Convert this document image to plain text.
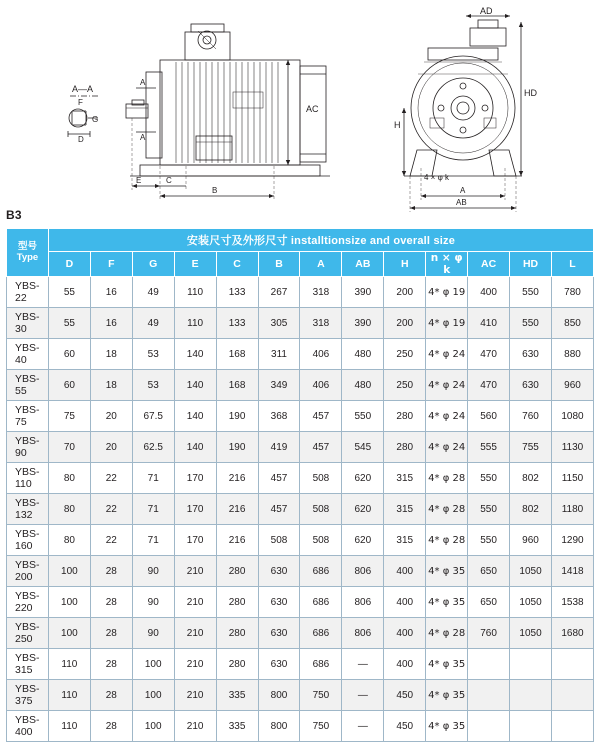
A—A
F
G
D
A
A
AC
E	C
B
AD
H
HD
4 × φ k
A
AB
B3
型号
Type	安装尺寸及外形尺寸 installtionsize and overall size												
	D	F	G	E	C	B	A	AB	H	n × φ k	AC	HD	L
YBS-22	55	16	49	110	133	267	318	390	200	4* φ 19	400	550	780
YBS-30	55	16	49	110	133	305	318	390	200	4* φ 19	410	550	850
YBS-40	60	18	53	140	168	311	406	480	250	4* φ 24	470	630	880
YBS-55	60	18	53	140	168	349	406	480	250	4* φ 24	470	630	960
YBS-75	75	20	67.5	140	190	368	457	550	280	4* φ 24	560	760	1080
YBS-90	70	20	62.5	140	190	419	457	545	280	4* φ 24	555	755	1130
YBS-110	80	22	71	170	216	457	508	620	315	4* φ 28	550	802	1150
YBS-132	80	22	71	170	216	457	508	620	315	4* φ 28	550	802	1180
YBS-160	80	22	71	170	216	508	508	620	315	4* φ 28	550	960	1290
YBS-200	100	28	90	210	280	630	686	806	400	4* φ 35	650	1050	1418
YBS-220	100	28	90	210	280	630	686	806	400	4* φ 35	650	1050	1538
YBS-250	100	28	90	210	280	630	686	806	400	4* φ 28	760	1050	1680
YBS-315	110	28	100	210	280	630	686	—	400	4* φ 35			
YBS-375	110	28	100	210	335	800	750	—	450	4* φ 35			
YBS-400	110	28	100	210	335	800	750	—	450	4* φ 35			
